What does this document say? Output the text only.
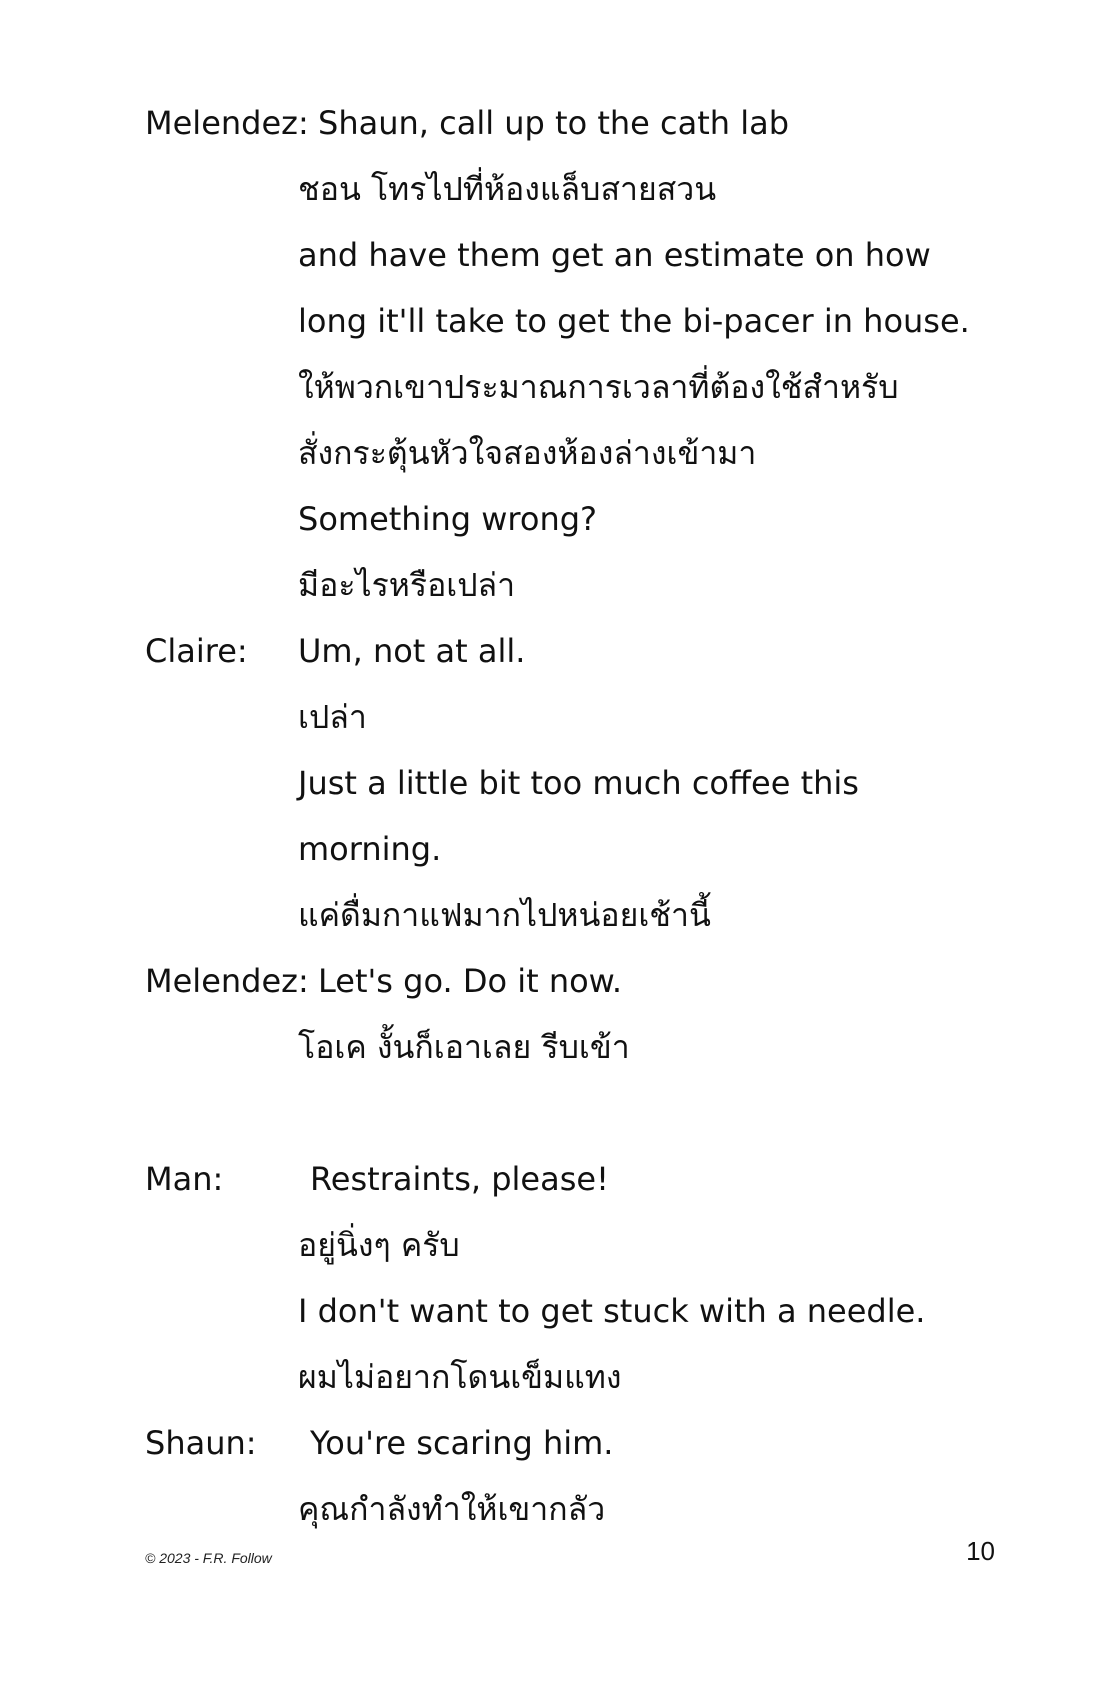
Melendez: Shaun, call up to the cath lab
ชอน โทรไปที่ห้องแล็บสายสวน
and have them get an estimate on how
long it'll take to get the bi-pacer in house.
ให้พวกเขาประมาณการเวลาที่ต้องใช้สำหรับ
สั่งกระตุ้นหัวใจสองห้องล่างเข้ามา
Something wrong?
มีอะไรหรือเปล่า
Claire: Um, not at all.
เปล่า
Just a little bit too much coffee this
morning.
แค่ดื่มกาแฟมากไปหน่อยเช้านี้
Melendez: Let's go. Do it now.
โอเค งั้นก็เอาเลย รีบเข้า
Man:	Restraints, please!
อยู่นิ่งๆ ครับ
I don't want to get stuck with a needle.
ผมไม่อยากโดนเข็มแทง
Shaun: You're scaring him.
คุณกำลังทำให้เขากลัว
© 2023 - F.R. Follow	10
